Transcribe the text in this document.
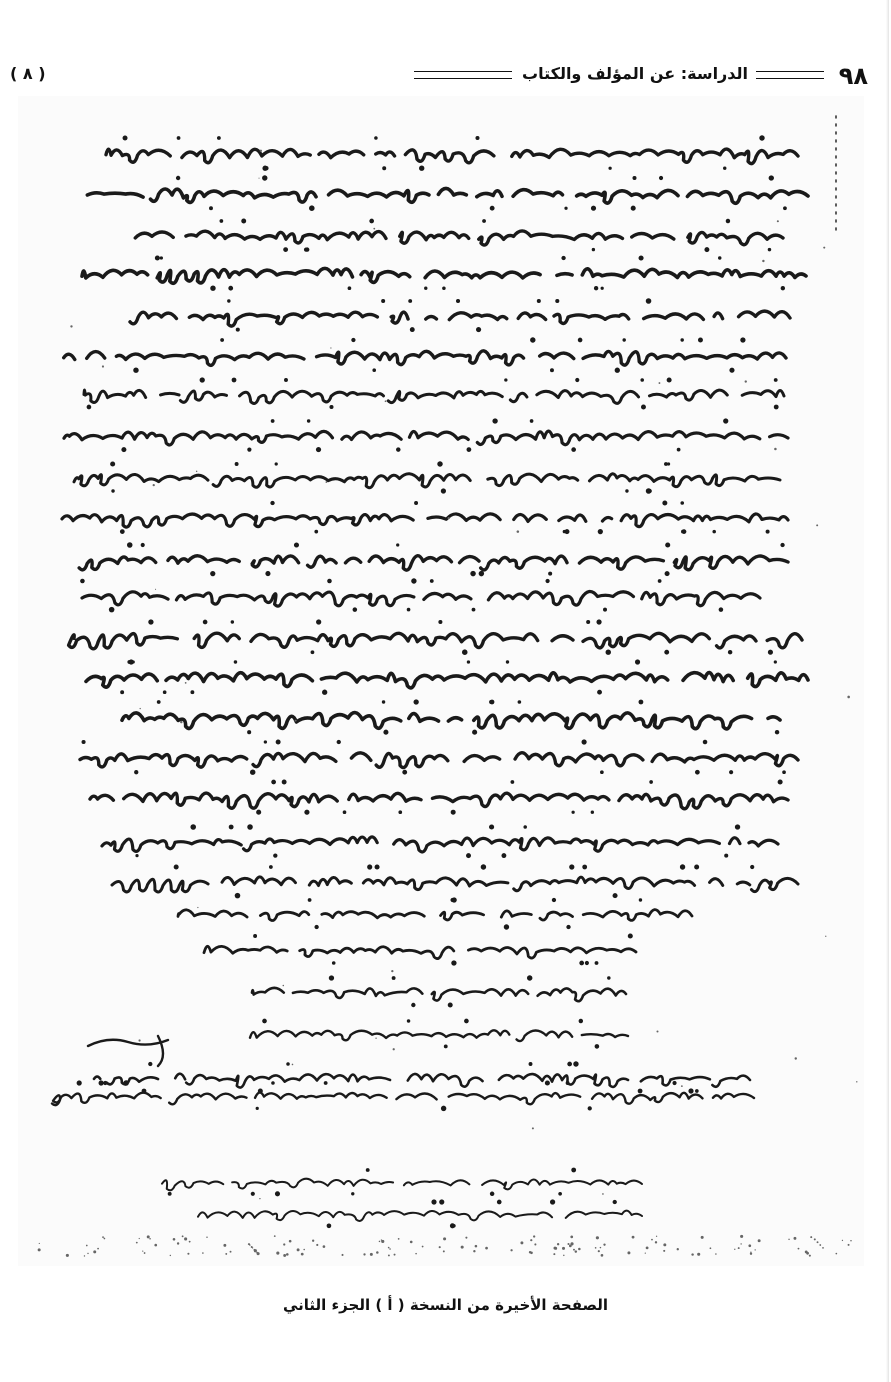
٩٨
الدراسة: عن المؤلف والكتاب
( ٨ )
الصفحة الأخيرة من النسخة ( أ ) الجزء الثاني
